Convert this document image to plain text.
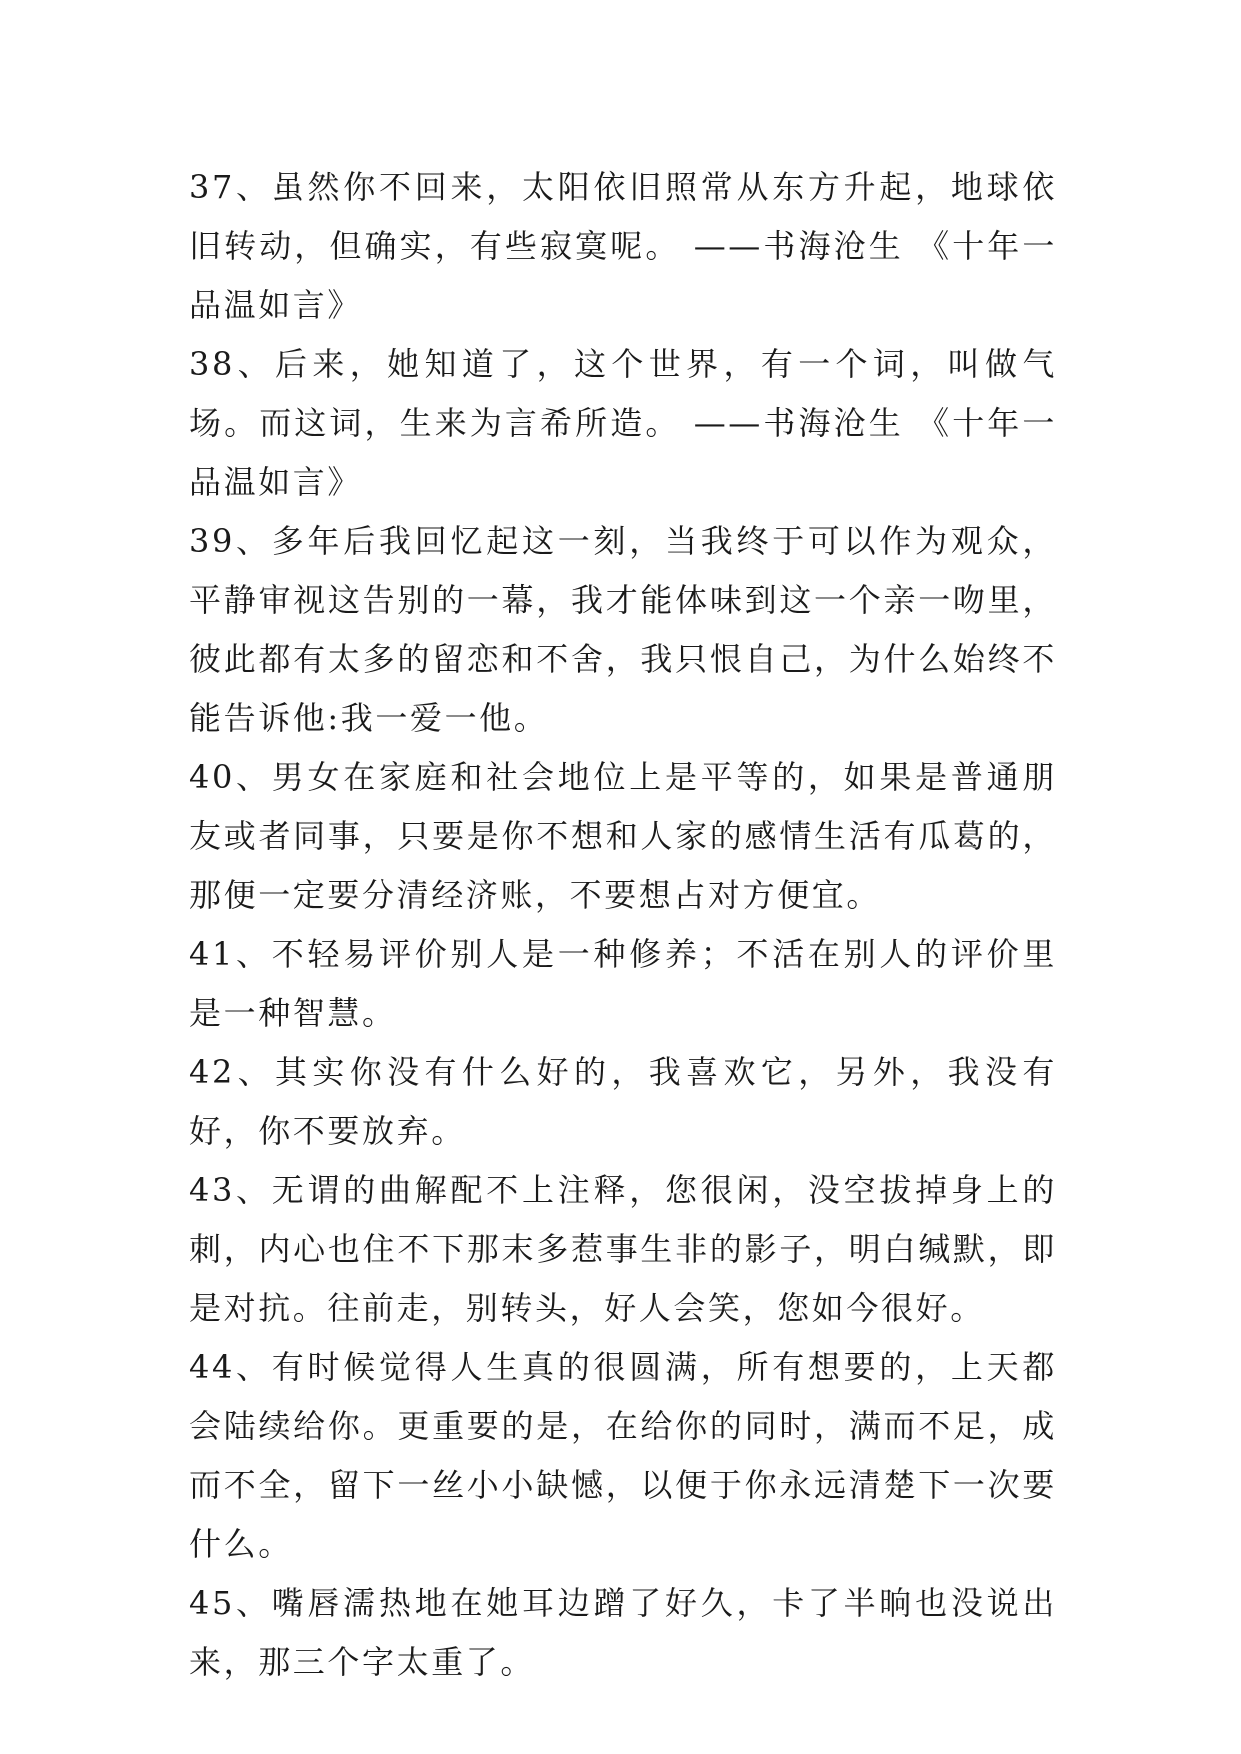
37、虽然你不回来，太阳依旧照常从东方升起，地球依旧转动，但确实，有些寂寞呢。 ——书海沧生 《十年一品温如言》

38、后来，她知道了，这个世界，有一个词，叫做气场。而这词，生来为言希所造。 ——书海沧生 《十年一品温如言》

39、多年后我回忆起这一刻，当我终于可以作为观众，平静审视这告别的一幕，我才能体味到这一个亲一吻里，彼此都有太多的留恋和不舍，我只恨自己，为什么始终不能告诉他:我一爱一他。

40、男女在家庭和社会地位上是平等的，如果是普通朋友或者同事，只要是你不想和人家的感情生活有瓜葛的，那便一定要分清经济账，不要想占对方便宜。

41、不轻易评价别人是一种修养；不活在别人的评价里是一种智慧。

42、其实你没有什么好的，我喜欢它，另外，我没有好，你不要放弃。

43、无谓的曲解配不上注释，您很闲，没空拔掉身上的刺，内心也住不下那末多惹事生非的影子，明白缄默，即是对抗。往前走，别转头，好人会笑，您如今很好。

44、有时候觉得人生真的很圆满，所有想要的，上天都会陆续给你。更重要的是，在给你的同时，满而不足，成而不全，留下一丝小小缺憾，以便于你永远清楚下一次要什么。

45、嘴唇濡热地在她耳边蹭了好久，卡了半晌也没说出来，那三个字太重了。
